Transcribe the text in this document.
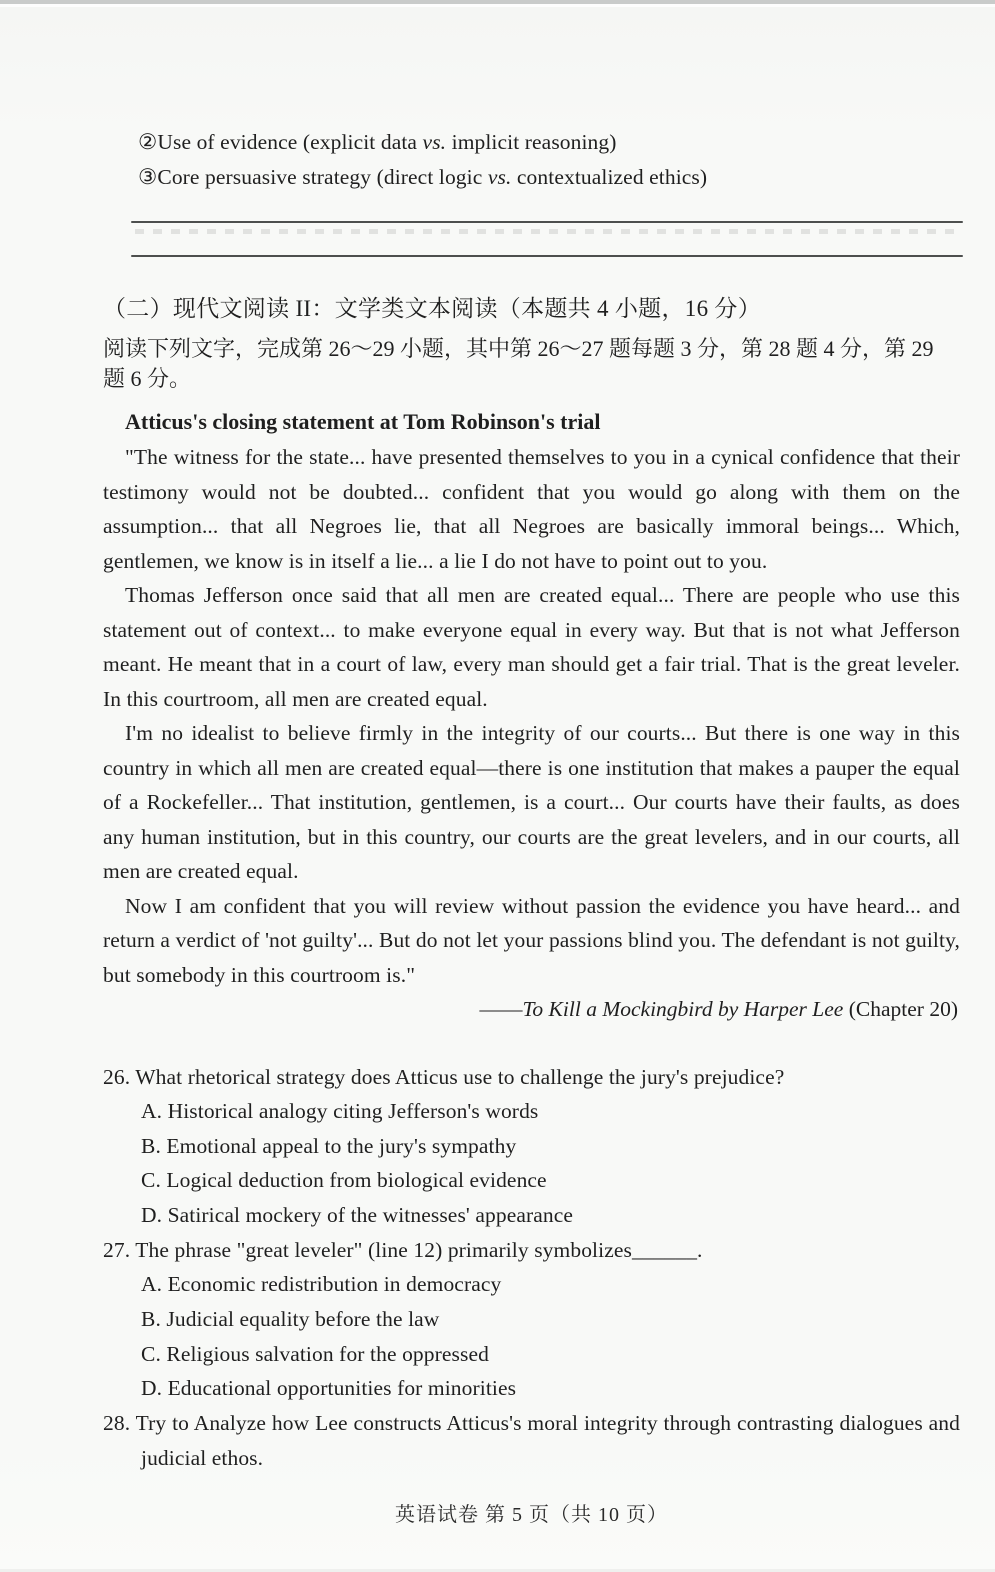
②Use of evidence (explicit data vs. implicit reasoning)

③Core persuasive strategy (direct logic vs. contextualized ethics)

（二）现代文阅读 II：文学类文本阅读（本题共 4 小题，16 分）

阅读下列文字，完成第 26～29 小题，其中第 26～27 题每题 3 分，第 28 题 4 分，第 29 题 6 分。

Atticus's closing statement at Tom Robinson's trial

"The witness for the state... have presented themselves to you in a cynical confidence that their testimony would not be doubted... confident that you would go along with them on the assumption... that all Negroes lie, that all Negroes are basically immoral beings... Which, gentlemen, we know is in itself a lie... a lie I do not have to point out to you.

Thomas Jefferson once said that all men are created equal... There are people who use this statement out of context... to make everyone equal in every way. But that is not what Jefferson meant. He meant that in a court of law, every man should get a fair trial. That is the great leveler. In this courtroom, all men are created equal.

I'm no idealist to believe firmly in the integrity of our courts... But there is one way in this country in which all men are created equal—there is one institution that makes a pauper the equal of a Rockefeller... That institution, gentlemen, is a court... Our courts have their faults, as does any human institution, but in this country, our courts are the great levelers, and in our courts, all men are created equal.

Now I am confident that you will review without passion the evidence you have heard... and return a verdict of 'not guilty'... But do not let your passions blind you. The defendant is not guilty, but somebody in this courtroom is."

——To Kill a Mockingbird by Harper Lee (Chapter 20)

26. What rhetorical strategy does Atticus use to challenge the jury's prejudice?

A. Historical analogy citing Jefferson's words

B. Emotional appeal to the jury's sympathy

C. Logical deduction from biological evidence

D. Satirical mockery of the witnesses' appearance

27. The phrase "great leveler" (line 12) primarily symbolizes______.

A. Economic redistribution in democracy

B. Judicial equality before the law

C. Religious salvation for the oppressed

D. Educational opportunities for minorities

28. Try to Analyze how Lee constructs Atticus's moral integrity through contrasting dialogues and judicial ethos.

英语试卷 第 5 页（共 10 页）
